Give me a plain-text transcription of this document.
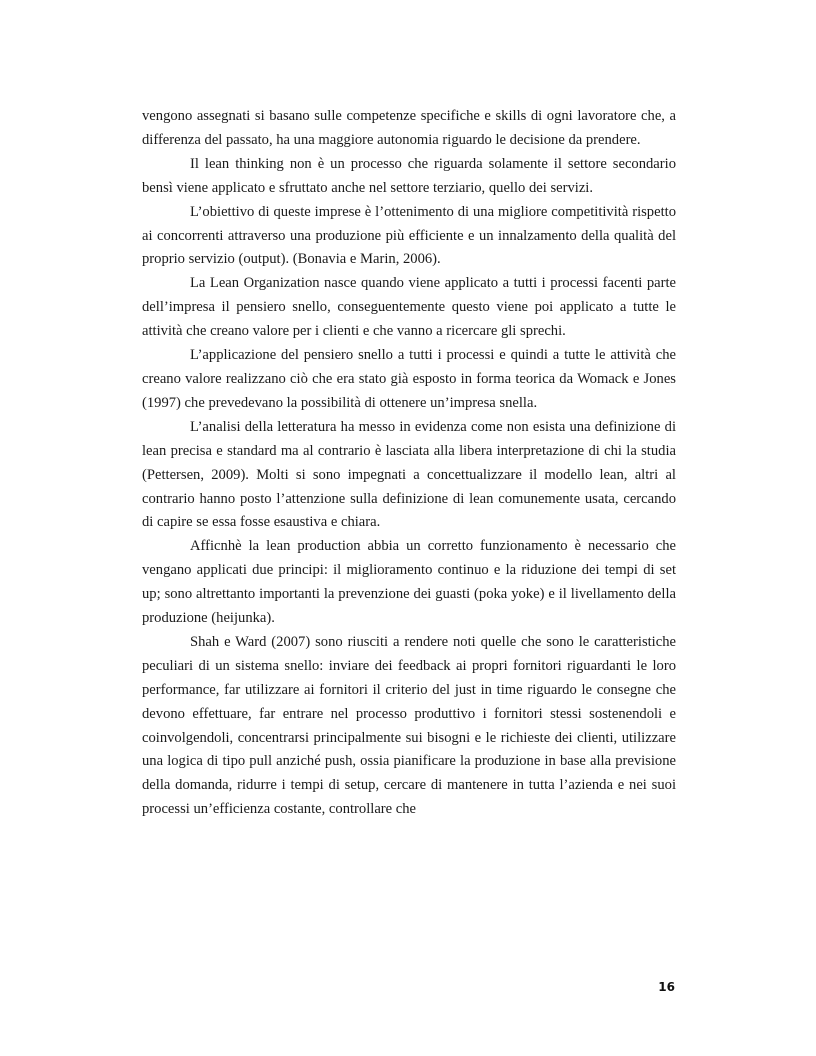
vengono assegnati si basano sulle competenze specifiche e skills di ogni lavoratore che, a differenza del passato, ha una maggiore autonomia riguardo le decisione da prendere.

Il lean thinking non è un processo che riguarda solamente il settore secondario bensì viene applicato e sfruttato anche nel settore terziario, quello dei servizi.

L’obiettivo di queste imprese è l’ottenimento di una migliore competitività rispetto ai concorrenti attraverso una produzione più efficiente e un innalzamento della qualità del proprio servizio (output). (Bonavia e Marin, 2006).

La Lean Organization nasce quando viene applicato a tutti i processi facenti parte dell’impresa il pensiero snello, conseguentemente questo viene poi applicato a tutte le attività che creano valore per i clienti e che vanno a ricercare gli sprechi.

L’applicazione del pensiero snello a tutti i processi e quindi a tutte le attività che creano valore realizzano ciò che era stato già esposto in forma teorica da Womack e Jones (1997) che prevedevano la possibilità di ottenere un’impresa snella.

L’analisi della letteratura ha messo in evidenza come non esista una definizione di lean precisa e standard ma al contrario è lasciata alla libera interpretazione di chi la studia (Pettersen, 2009). Molti si sono impegnati a concettualizzare il modello lean, altri al contrario hanno posto l’attenzione sulla definizione di lean comunemente usata, cercando di capire se essa fosse esaustiva e chiara.

Afficnhè la lean production abbia un corretto funzionamento è necessario che vengano applicati due principi: il miglioramento continuo e la riduzione dei tempi di set up; sono altrettanto importanti la prevenzione dei guasti (poka yoke) e il livellamento della produzione (heijunka).

Shah e Ward (2007) sono riusciti a rendere noti quelle che sono le caratteristiche peculiari di un sistema snello: inviare dei feedback ai propri fornitori riguardanti le loro performance, far utilizzare ai fornitori il criterio del just in time riguardo le consegne che devono effettuare, far entrare nel processo produttivo i fornitori stessi sostenendoli e coinvolgendoli, concentrarsi principalmente sui bisogni e le richieste dei clienti, utilizzare una logica di tipo pull anziché push, ossia pianificare la produzione in base alla previsione della domanda, ridurre i tempi di setup, cercare di mantenere in tutta l’azienda e nei suoi processi un’efficienza costante, controllare che

16
